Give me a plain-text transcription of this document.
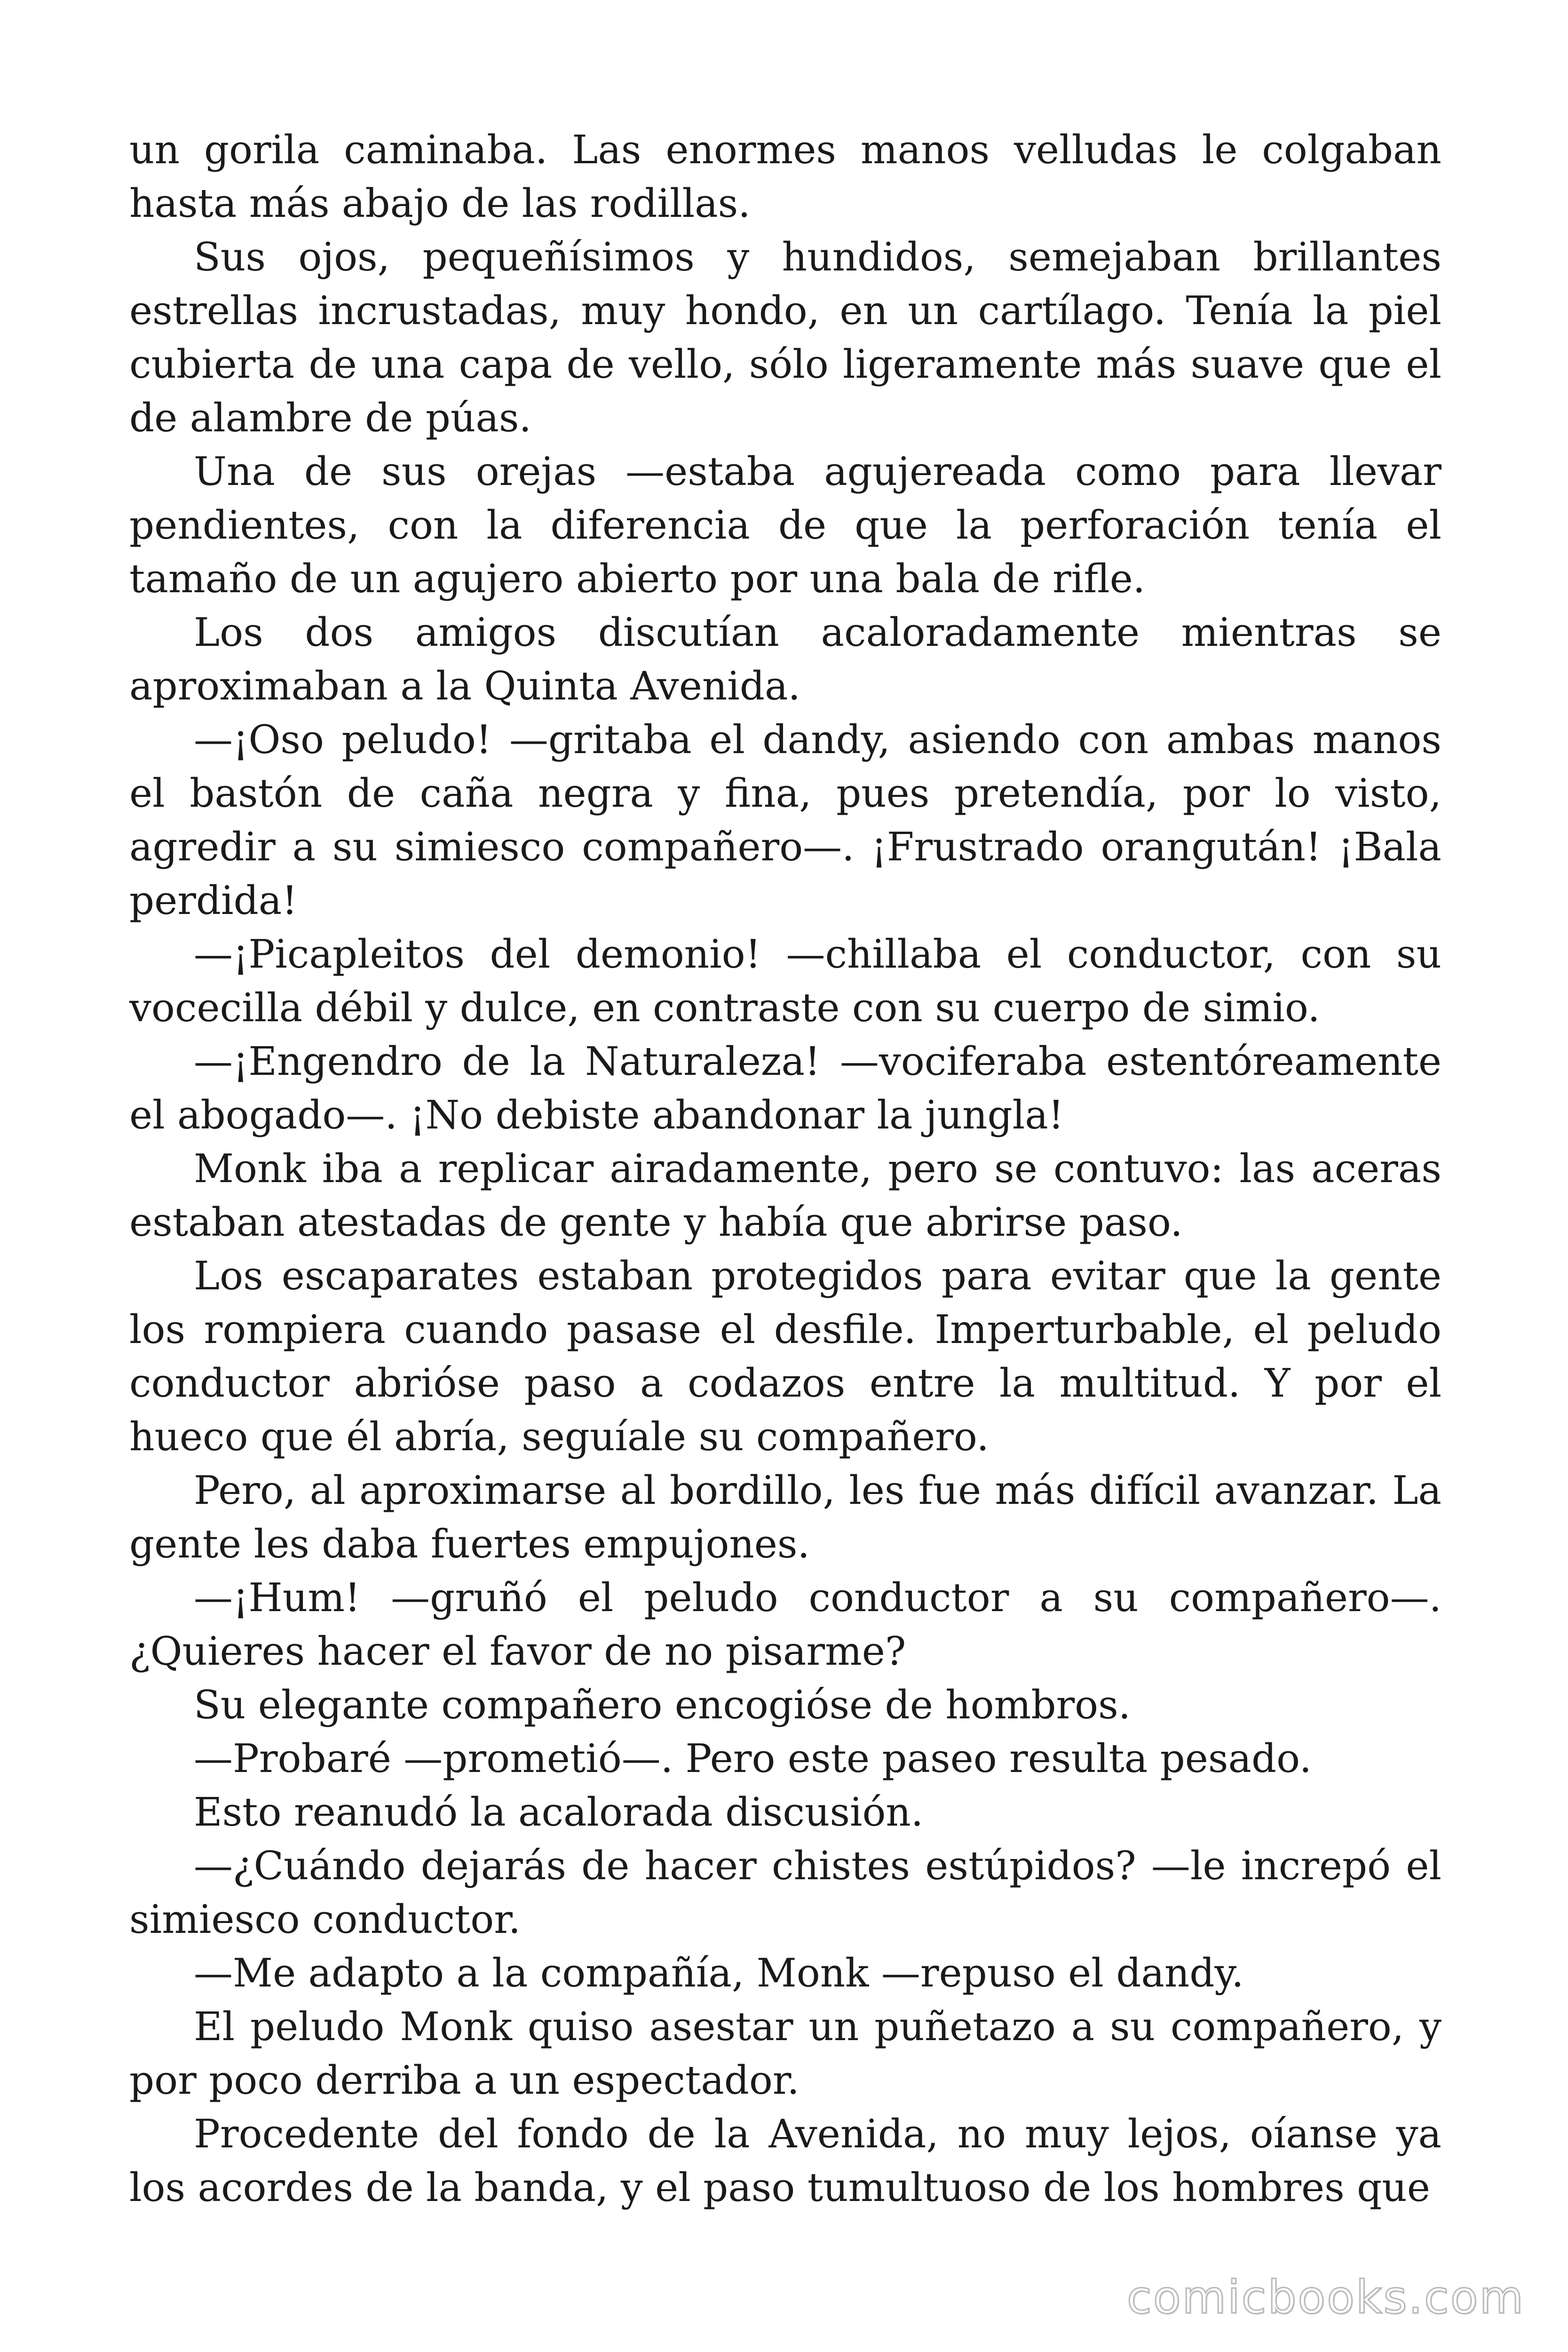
un gorila caminaba. Las enormes manos velludas le colgaban hasta más abajo de las rodillas.

Sus ojos, pequeñísimos y hundidos, semejaban brillantes estrellas incrustadas, muy hondo, en un cartílago. Tenía la piel cubierta de una capa de vello, sólo ligeramente más suave que el de alambre de púas.

Una de sus orejas —estaba agujereada como para llevar pendientes, con la diferencia de que la perforación tenía el tamaño de un agujero abierto por una bala de rifle.

Los dos amigos discutían acaloradamente mientras se aproximaban a la Quinta Avenida.

—¡Oso peludo! —gritaba el dandy, asiendo con ambas manos el bastón de caña negra y fina, pues pretendía, por lo visto, agredir a su simiesco compañero—. ¡Frustrado orangután! ¡Bala perdida!

—¡Picapleitos del demonio! —chillaba el conductor, con su vocecilla débil y dulce, en contraste con su cuerpo de simio.

—¡Engendro de la Naturaleza! —vociferaba estentóreamente el abogado—. ¡No debiste abandonar la jungla!

Monk iba a replicar airadamente, pero se contuvo: las aceras estaban atestadas de gente y había que abrirse paso.

Los escaparates estaban protegidos para evitar que la gente los rompiera cuando pasase el desfile. Imperturbable, el peludo conductor abrióse paso a codazos entre la multitud. Y por el hueco que él abría, seguíale su compañero.

Pero, al aproximarse al bordillo, les fue más difícil avanzar. La gente les daba fuertes empujones.

—¡Hum! —gruñó el peludo conductor a su compañero—. ¿Quieres hacer el favor de no pisarme?

Su elegante compañero encogióse de hombros.

—Probaré —prometió—. Pero este paseo resulta pesado.

Esto reanudó la acalorada discusión.

—¿Cuándo dejarás de hacer chistes estúpidos? —le increpó el simiesco conductor.

—Me adapto a la compañía, Monk —repuso el dandy.

El peludo Monk quiso asestar un puñetazo a su compañero, y por poco derriba a un espectador.

Procedente del fondo de la Avenida, no muy lejos, oíanse ya los acordes de la banda, y el paso tumultuoso de los hombres que

comicbooks.com
